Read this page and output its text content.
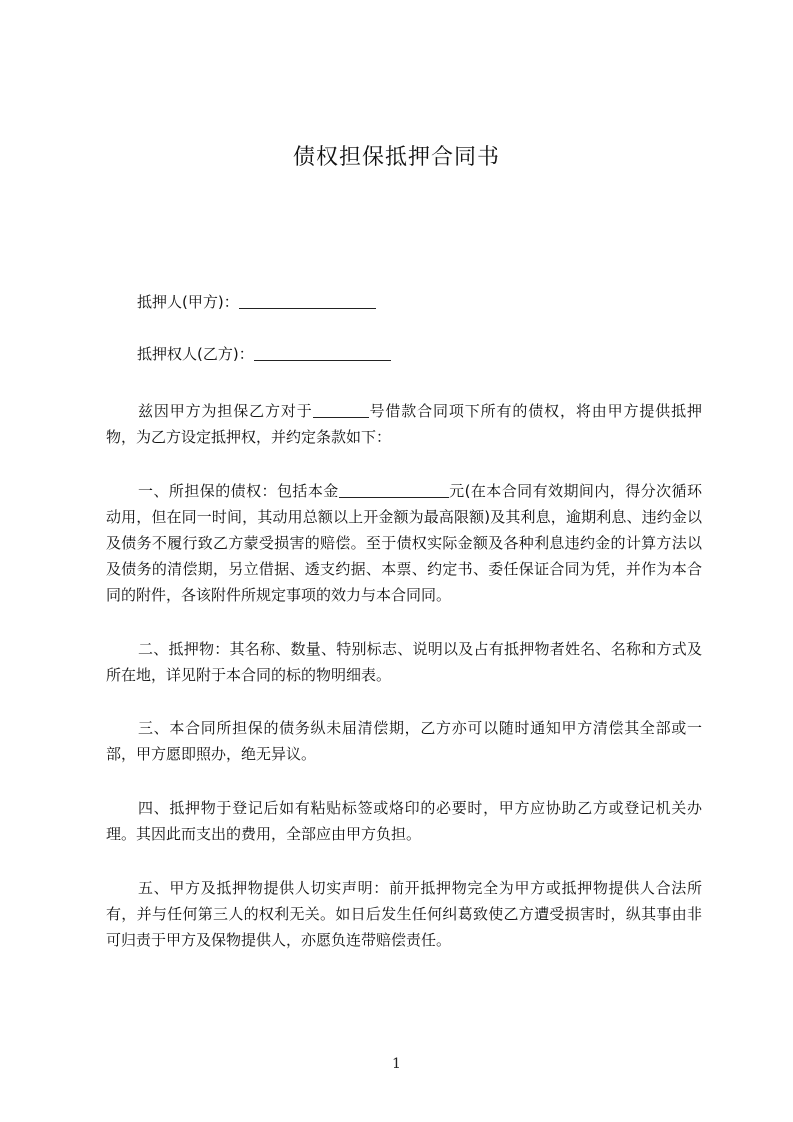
债权担保抵押合同书
抵押人(甲方)：
抵押权人(乙方)：
兹因甲方为担保乙方对于	号借款合同项下所有的债权，将由甲方提供抵押物，为乙方设定抵押权，并约定条款如下：
一、所担保的债权：包括本金	元(在本合同有效期间内，得分次循环动用，但在同一时间，其动用总额以上开金额为最高限额)及其利息，逾期利息、违约金以及债务不履行致乙方蒙受损害的赔偿。至于债权实际金额及各种利息违约金的计算方法以及债务的清偿期，另立借据、透支约据、本票、约定书、委任保证合同为凭，并作为本合同的附件，各该附件所规定事项的效力与本合同同。
二、抵押物：其名称、数量、特别标志、说明以及占有抵押物者姓名、名称和方式及所在地，详见附于本合同的标的物明细表。
三、本合同所担保的债务纵未届清偿期，乙方亦可以随时通知甲方清偿其全部或一部，甲方愿即照办，绝无异议。
四、抵押物于登记后如有粘贴标签或烙印的必要时，甲方应协助乙方或登记机关办理。其因此而支出的费用，全部应由甲方负担。
五、甲方及抵押物提供人切实声明：前开抵押物完全为甲方或抵押物提供人合法所有，并与任何第三人的权利无关。如日后发生任何纠葛致使乙方遭受损害时，纵其事由非可归责于甲方及保物提供人，亦愿负连带赔偿责任。
1
